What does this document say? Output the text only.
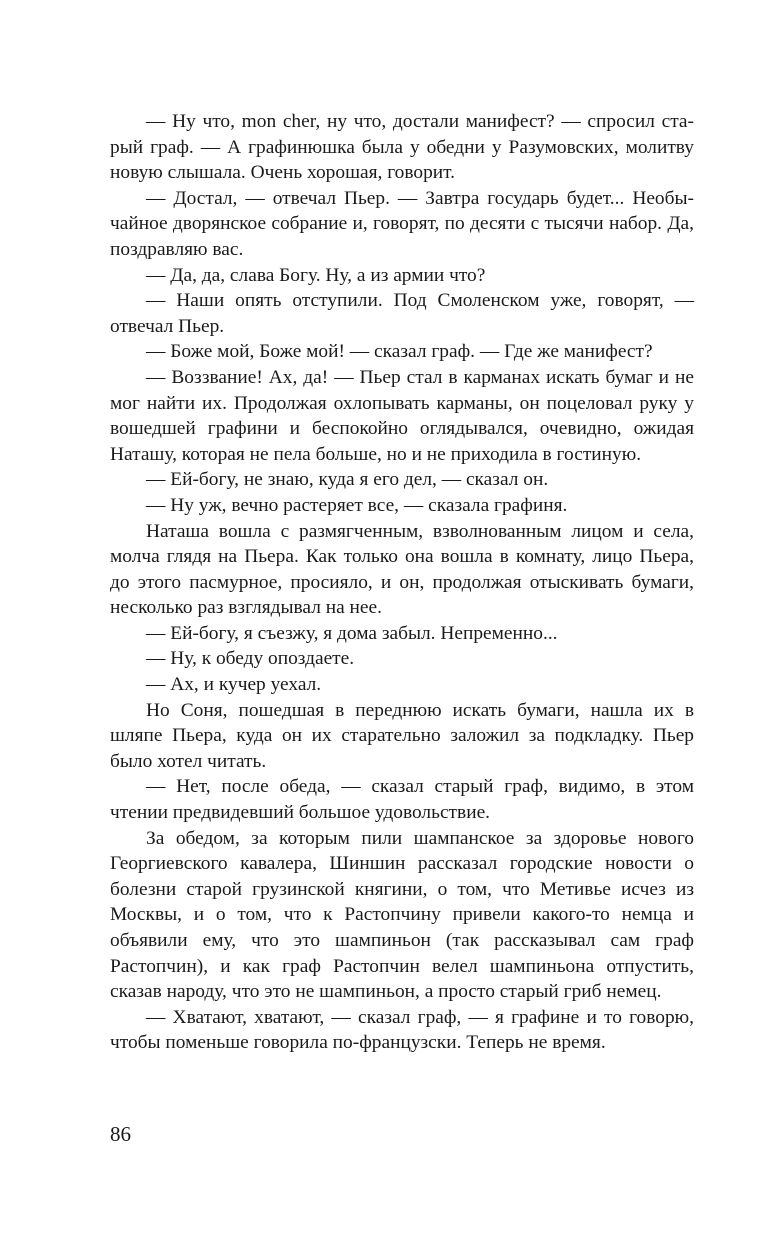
— Ну что, mon cher, ну что, достали манифест? — спросил старый граф. — А графинюшка была у обедни у Разумовских, молитву новую слышала. Очень хорошая, говорит.

— Достал, — отвечал Пьер. — Завтра государь будет... Необычайное дворянское собрание и, говорят, по десяти с тысячи набор. Да, поздравляю вас.

— Да, да, слава Богу. Ну, а из армии что?

— Наши опять отступили. Под Смоленском уже, говорят, — отвечал Пьер.

— Боже мой, Боже мой! — сказал граф. — Где же манифест?

— Воззвание! Ах, да! — Пьер стал в карманах искать бумаг и не мог найти их. Продолжая охлопывать карманы, он поцеловал руку у вошедшей графини и беспокойно оглядывался, очевидно, ожидая Наташу, которая не пела больше, но и не приходила в гостиную.

— Ей-богу, не знаю, куда я его дел, — сказал он.

— Ну уж, вечно растеряет все, — сказала графиня.

Наташа вошла с размягченным, взволнованным лицом и села, молча глядя на Пьера. Как только она вошла в комнату, лицо Пьера, до этого пасмурное, просияло, и он, продолжая отыскивать бумаги, несколько раз взглядывал на нее.

— Ей-богу, я съезжу, я дома забыл. Непременно...

— Ну, к обеду опоздаете.

— Ах, и кучер уехал.

Но Соня, пошедшая в переднюю искать бумаги, нашла их в шляпе Пьера, куда он их старательно заложил за подкладку. Пьер было хотел читать.

— Нет, после обеда, — сказал старый граф, видимо, в этом чтении предвидевший большое удовольствие.

За обедом, за которым пили шампанское за здоровье нового Георгиевского кавалера, Шиншин рассказал городские новости о болезни старой грузинской княгини, о том, что Метивье исчез из Москвы, и о том, что к Растопчину привели какого-то немца и объявили ему, что это шампиньон (так рассказывал сам граф Растопчин), и как граф Растопчин велел шампиньона отпустить, сказав народу, что это не шампиньон, а просто старый гриб немец.

— Хватают, хватают, — сказал граф, — я графине и то говорю, чтобы поменьше говорила по-французски. Теперь не время.

86
